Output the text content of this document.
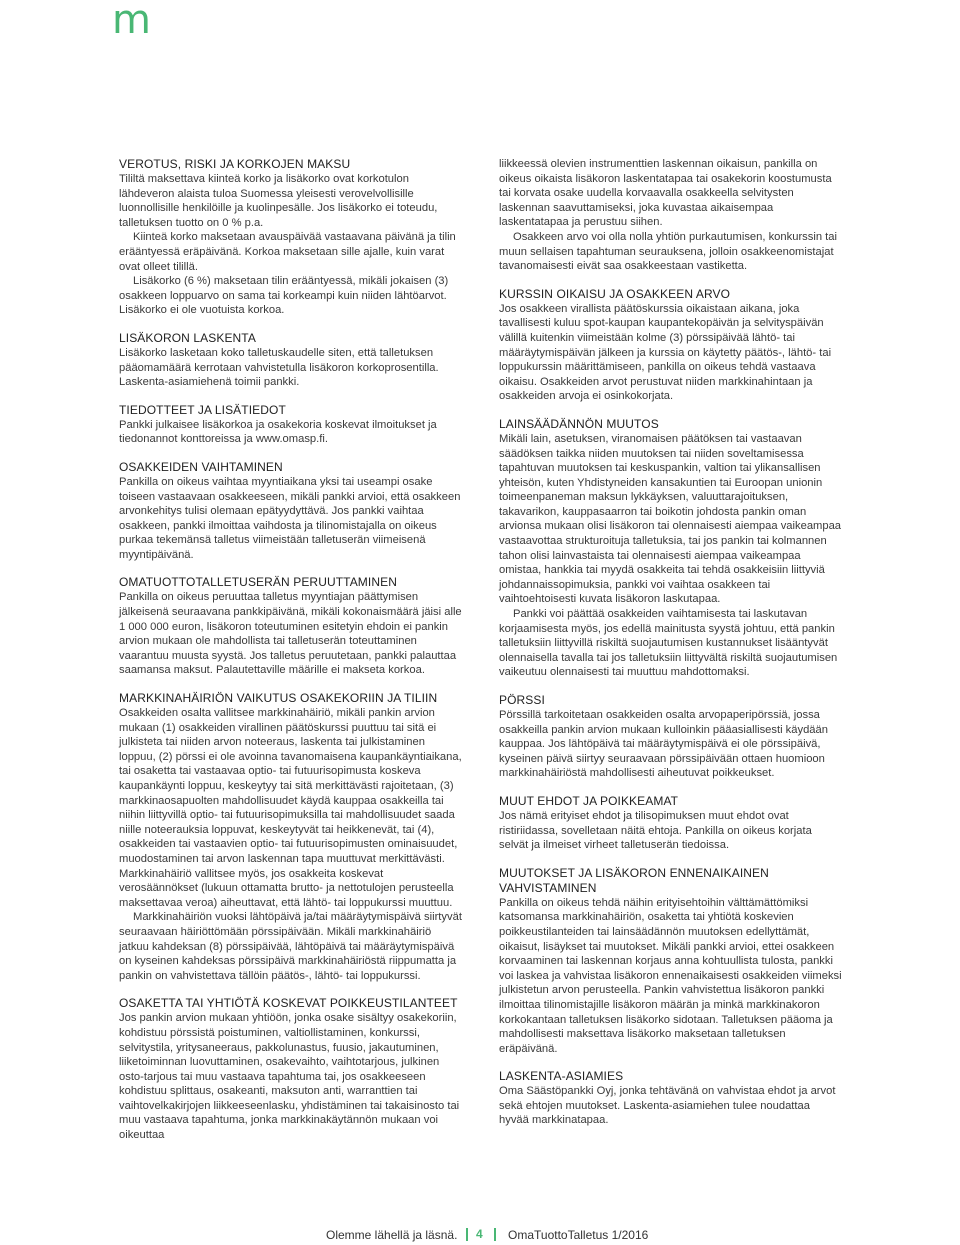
m
VEROTUS, RISKI JA KORKOJEN MAKSU

Tililtä maksettava kiinteä korko ja lisäkorko ovat korkotulon lähdeveron alaista tuloa Suomessa yleisesti verovelvollisille luonnollisille henkilöille ja kuolinpesälle. Jos lisäkorko ei toteudu, talletuksen tuotto on 0 % p.a.

Kiinteä korko maksetaan avauspäivää vastaavana päivänä ja tilin erääntyessä eräpäivänä. Korkoa maksetaan sille ajalle, kuin varat ovat olleet tilillä.

Lisäkorko (6 %) maksetaan tilin erääntyessä, mikäli jokaisen (3) osakkeen loppuarvo on sama tai korkeampi kuin niiden lähtöarvot. Lisäkorko ei ole vuotuista korkoa.

LISÄKORON LASKENTA

Lisäkorko lasketaan koko talletuskaudelle siten, että talletuksen pääomamäärä kerrotaan vahvistetulla lisäkoron korkoprosentilla. Laskenta-asiamiehenä toimii pankki.

TIEDOTTEET JA LISÄTIEDOT

Pankki julkaisee lisäkorkoa ja osakekoria koskevat ilmoitukset ja tiedonannot konttoreissa ja www.omasp.fi.

OSAKKEIDEN VAIHTAMINEN

Pankilla on oikeus vaihtaa myyntiaikana yksi tai useampi osake toiseen vastaavaan osakkeeseen, mikäli pankki arvioi, että osakkeen arvonkehitys tulisi olemaan epätyydyttävä. Jos pankki vaihtaa osakkeen, pankki ilmoittaa vaihdosta ja tilinomistajalla on oikeus purkaa tekemänsä talletus viimeistään talletuserän viimeisenä myyntipäivänä.

OMATUOTTOTALLETUSERÄN PERUUTTAMINEN

Pankilla on oikeus peruuttaa talletus myyntiajan päättymisen jälkeisenä seuraavana pankkipäivänä, mikäli kokonaismäärä jäisi alle 1 000 000 euron, lisäkoron toteutuminen esitetyin ehdoin ei pankin arvion mukaan ole mahdollista tai talletuserän toteuttaminen vaarantuu muusta syystä. Jos talletus peruutetaan, pankki palauttaa saamansa maksut. Palautettaville määrille ei makseta korkoa.

MARKKINAHÄIRIÖN VAIKUTUS OSAKEKORIIN JA TILIIN

Osakkeiden osalta vallitsee markkinahäiriö, mikäli pankin arvion mukaan (1) osakkeiden virallinen päätöskurssi puuttuu tai sitä ei julkisteta tai niiden arvon noteeraus, laskenta tai julkistaminen loppuu, (2) pörssi ei ole avoinna tavanomaisena kaupankäyntiaikana, tai osaketta tai vastaavaa optio- tai futuurisopimusta koskeva kaupankäynti loppuu, keskeytyy tai sitä merkittävästi rajoitetaan, (3) markkinaosapuolten mahdollisuudet käydä kauppaa osakkeilla tai niihin liittyvillä optio- tai futuurisopimuksilla tai mahdollisuudet saada niille noteerauksia loppuvat, keskeytyvät tai heikkenevät, tai (4), osakkeiden tai vastaavien optio- tai futuurisopimusten ominaisuudet, muodostaminen tai arvon laskennan tapa muuttuvat merkittävästi. Markkinahäiriö vallitsee myös, jos osakkeita koskevat verosäännökset (lukuun ottamatta brutto- ja nettotulojen perusteella maksettavaa veroa) aiheuttavat, että lähtö- tai loppukurssi muuttuu.

Markkinahäiriön vuoksi lähtöpäivä ja/tai määräytymispäivä siirtyvät seuraavaan häiriöttömään pörssipäivään. Mikäli markkinahäiriö jatkuu kahdeksan (8) pörssipäivää, lähtöpäivä tai määräytymispäivä on kyseinen kahdeksas pörssipäivä markkinahäiriöstä riippumatta ja pankin on vahvistettava tällöin päätös-, lähtö- tai loppukurssi.

OSAKETTA TAI YHTIÖTÄ KOSKEVAT POIKKEUSTILANTEET

Jos pankin arvion mukaan yhtiöön, jonka osake sisältyy osakekoriin, kohdistuu pörssistä poistuminen, valtiollistaminen, konkurssi, selvitystila, yritysaneeraus, pakkolunastus, fuusio, jakautuminen, liiketoiminnan luovuttaminen, osakevaihto, vaihtotarjous, julkinen osto-tarjous tai muu vastaava tapahtuma tai, jos osakkeeseen kohdistuu splittaus, osakeanti, maksuton anti, warranttien tai vaihtovelkakirjojen liikkeeseenlasku, yhdistäminen tai takaisinosto tai muu vastaava tapahtuma, jonka markkinakäytännön mukaan voi oikeuttaa

liikkeessä olevien instrumenttien laskennan oikaisun, pankilla on oikeus oikaista lisäkoron laskentatapaa tai osakekorin koostumusta tai korvata osake uudella korvaavalla osakkeella selvitysten laskennan saavuttamiseksi, joka kuvastaa aikaisempaa laskentatapaa ja perustuu siihen.

Osakkeen arvo voi olla nolla yhtiön purkautumisen, konkurssin tai muun sellaisen tapahtuman seurauksena, jolloin osakkeenomistajat tavanomaisesti eivät saa osakkeestaan vastiketta.

KURSSIN OIKAISU JA OSAKKEEN ARVO

Jos osakkeen virallista päätöskurssia oikaistaan aikana, joka tavallisesti kuluu spot-kaupan kaupantekopäivän ja selvityspäivän välillä kuitenkin viimeistään kolme (3) pörssipäivää lähtö- tai määräytymispäivän jälkeen ja kurssia on käytetty päätös-, lähtö- tai loppukurssin määrittämiseen, pankilla on oikeus tehdä vastaava oikaisu. Osakkeiden arvot perustuvat niiden markkinahintaan ja osakkeiden arvoja ei osinkokorjata.

LAINSÄÄDÄNNÖN MUUTOS

Mikäli lain, asetuksen, viranomaisen päätöksen tai vastaavan säädöksen taikka niiden muutoksen tai niiden soveltamisessa tapahtuvan muutoksen tai keskuspankin, valtion tai ylikansallisen yhteisön, kuten Yhdistyneiden kansakuntien tai Euroopan unionin toimeenpaneman maksun lykkäyksen, valuuttarajoituksen, takavarikon, kauppasaarron tai boikotin johdosta pankin oman arvionsa mukaan olisi lisäkoron tai olennaisesti aiempaa vaikeampaa vastaavottaa strukturoituja talletuksia, tai jos pankin tai kolmannen tahon olisi lainvastaista tai olennaisesti aiempaa vaikeampaa omistaa, hankkia tai myydä osakkeita tai tehdä osakkeisiin liittyviä johdannaissopimuksia, pankki voi vaihtaa osakkeen tai vaihtoehtoisesti kuvata lisäkoron laskutapaa.

Pankki voi päättää osakkeiden vaihtamisesta tai laskutavan korjaamisesta myös, jos edellä mainitusta syystä johtuu, että pankin talletuksiin liittyvillä riskiltä suojautumisen kustannukset lisääntyvät olennaisella tavalla tai jos talletuksiin liittyvältä riskiltä suojautumisen vaikeutuu olennaisesti tai muuttuu mahdottomaksi.

PÖRSSI

Pörssillä tarkoitetaan osakkeiden osalta arvopaperipörssiä, jossa osakkeilla pankin arvion mukaan kulloinkin pääasiallisesti käydään kauppaa. Jos lähtöpäivä tai määräytymispäivä ei ole pörssipäivä, kyseinen päivä siirtyy seuraavaan pörssipäivään ottaen huomioon markkinahäiriöstä mahdollisesti aiheutuvat poikkeukset.

MUUT EHDOT JA POIKKEAMAT

Jos nämä erityiset ehdot ja tilisopimuksen muut ehdot ovat ristiriidassa, sovelletaan näitä ehtoja. Pankilla on oikeus korjata selvät ja ilmeiset virheet talletuserän tiedoissa.

MUUTOKSET JA LISÄKORON ENNENAIKAINEN VAHVISTAMINEN

Pankilla on oikeus tehdä näihin erityisehtoihin välttämättömiksi katsomansa markkinahäiriön, osaketta tai yhtiötä koskevien poikkeustilanteiden tai lainsäädännön muutoksen edellyttämät, oikaisut, lisäykset tai muutokset. Mikäli pankki arvioi, ettei osakkeen korvaaminen tai laskennan korjaus anna kohtuullista tulosta, pankki voi laskea ja vahvistaa lisäkoron ennenaikaisesti osakkeiden viimeksi julkistetun arvon perusteella. Pankin vahvistettua lisäkoron pankki ilmoittaa tilinomistajille lisäkoron määrän ja minkä markkinakoron korkokantaan talletuksen lisäkorko sidotaan. Talletuksen pääoma ja mahdollisesti maksettava lisäkorko maksetaan talletuksen eräpäivänä.

LASKENTA-ASIAMIES

Oma Säästöpankki Oyj, jonka tehtävänä on vahvistaa ehdot ja arvot sekä ehtojen muutokset. Laskenta-asiamiehen tulee noudattaa hyvää markkinatapaa.

Olemme lähellä ja läsnä. 4 OmaTuottoTalletus 1/2016
